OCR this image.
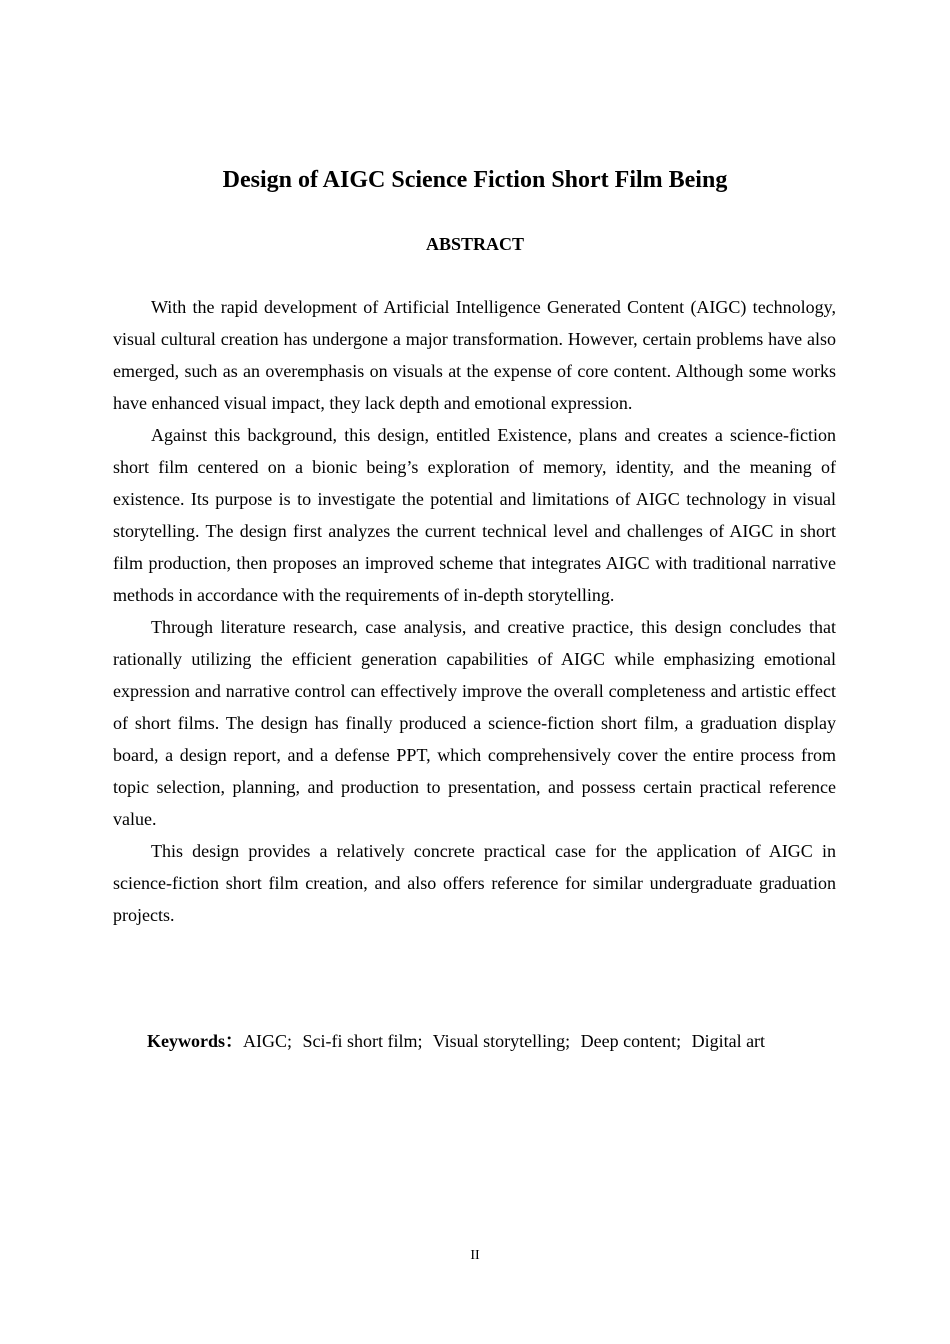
Design of AIGC Science Fiction Short Film Being
ABSTRACT

With the rapid development of Artificial Intelligence Generated Content (AIGC) technology, visual cultural creation has undergone a major transformation. However, certain problems have also emerged, such as an overemphasis on visuals at the expense of core content. Although some works have enhanced visual impact, they lack depth and emotional expression.

Against this background, this design, entitled Existence, plans and creates a science-fiction short film centered on a bionic being’s exploration of memory, identity, and the meaning of existence. Its purpose is to investigate the potential and limitations of AIGC technology in visual storytelling. The design first analyzes the current technical level and challenges of AIGC in short film production, then proposes an improved scheme that integrates AIGC with traditional narrative methods in accordance with the requirements of in-depth storytelling.

Through literature research, case analysis, and creative practice, this design concludes that rationally utilizing the efficient generation capabilities of AIGC while emphasizing emotional expression and narrative control can effectively improve the overall completeness and artistic effect of short films. The design has finally produced a science-fiction short film, a graduation display board, a design report, and a defense PPT, which comprehensively cover the entire process from topic selection, planning, and production to presentation, and possess certain practical reference value.

This design provides a relatively concrete practical case for the application of AIGC in science-fiction short film creation, and also offers reference for similar undergraduate graduation projects.

Keywords：AIGC; Sci-fi short film; Visual storytelling; Deep content; Digital art
II
